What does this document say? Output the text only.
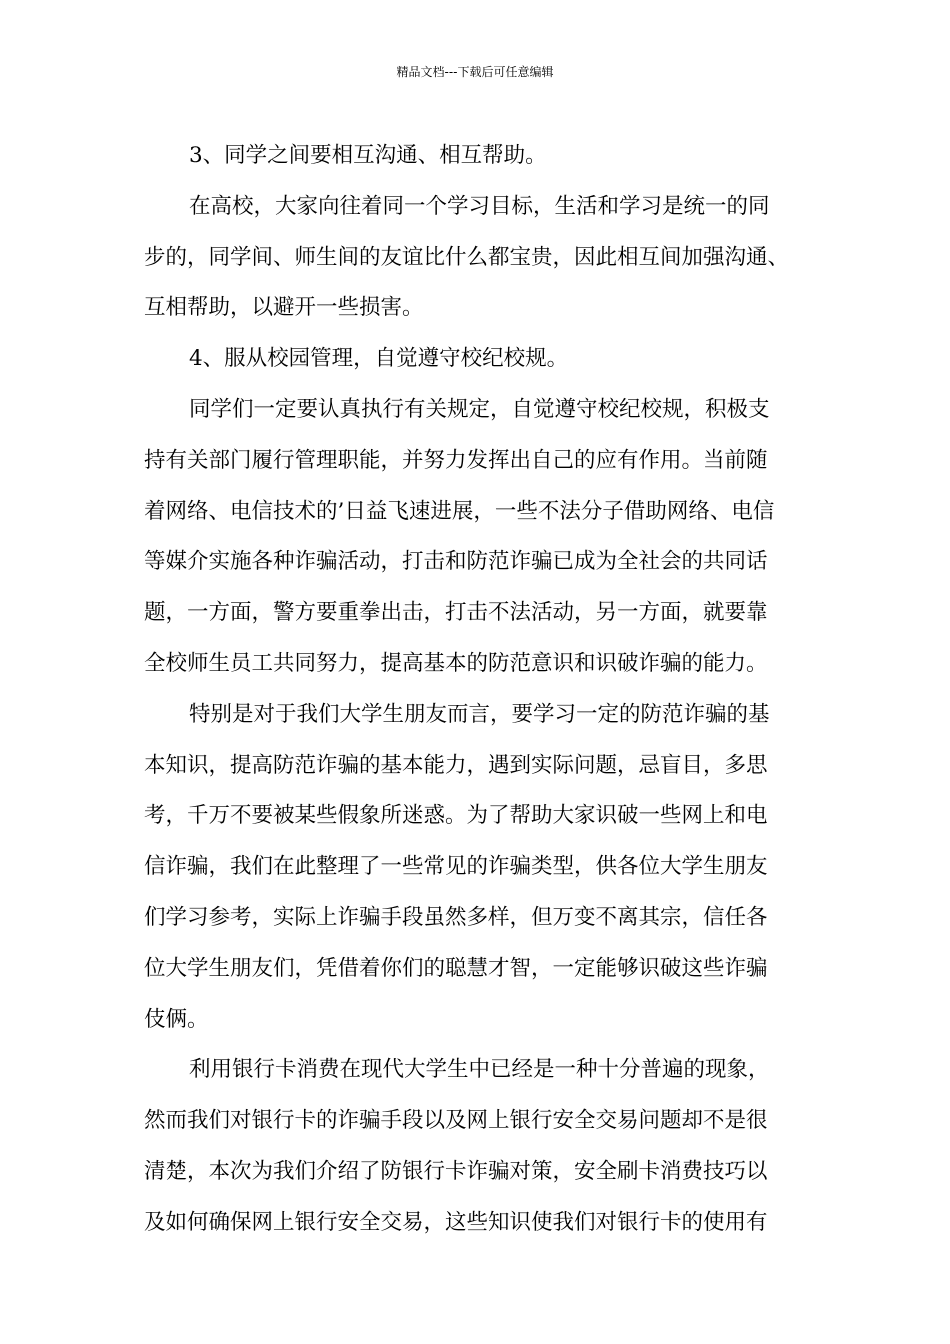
精品文档---下载后可任意编辑
3、同学之间要相互沟通、相互帮助。
在高校，大家向往着同一个学习目标，生活和学习是统一的同
步的，同学间、师生间的友谊比什么都宝贵，因此相互间加强沟通、
互相帮助，以避开一些损害。
4、服从校园管理，自觉遵守校纪校规。
同学们一定要认真执行有关规定，自觉遵守校纪校规，积极支
持有关部门履行管理职能，并努力发挥出自己的应有作用。当前随
着网络、电信技术的’日益飞速进展，一些不法分子借助网络、电信
等媒介实施各种诈骗活动，打击和防范诈骗已成为全社会的共同话
题，一方面，警方要重拳出击，打击不法活动，另一方面，就要靠
全校师生员工共同努力，提高基本的防范意识和识破诈骗的能力。
特别是对于我们大学生朋友而言，要学习一定的防范诈骗的基
本知识，提高防范诈骗的基本能力，遇到实际问题，忌盲目，多思
考，千万不要被某些假象所迷惑。为了帮助大家识破一些网上和电
信诈骗，我们在此整理了一些常见的诈骗类型，供各位大学生朋友
们学习参考，实际上诈骗手段虽然多样，但万变不离其宗，信任各
位大学生朋友们，凭借着你们的聪慧才智，一定能够识破这些诈骗
伎俩。
利用银行卡消费在现代大学生中已经是一种十分普遍的现象，
然而我们对银行卡的诈骗手段以及网上银行安全交易问题却不是很
清楚，本次为我们介绍了防银行卡诈骗对策，安全刷卡消费技巧以
及如何确保网上银行安全交易，这些知识使我们对银行卡的使用有
